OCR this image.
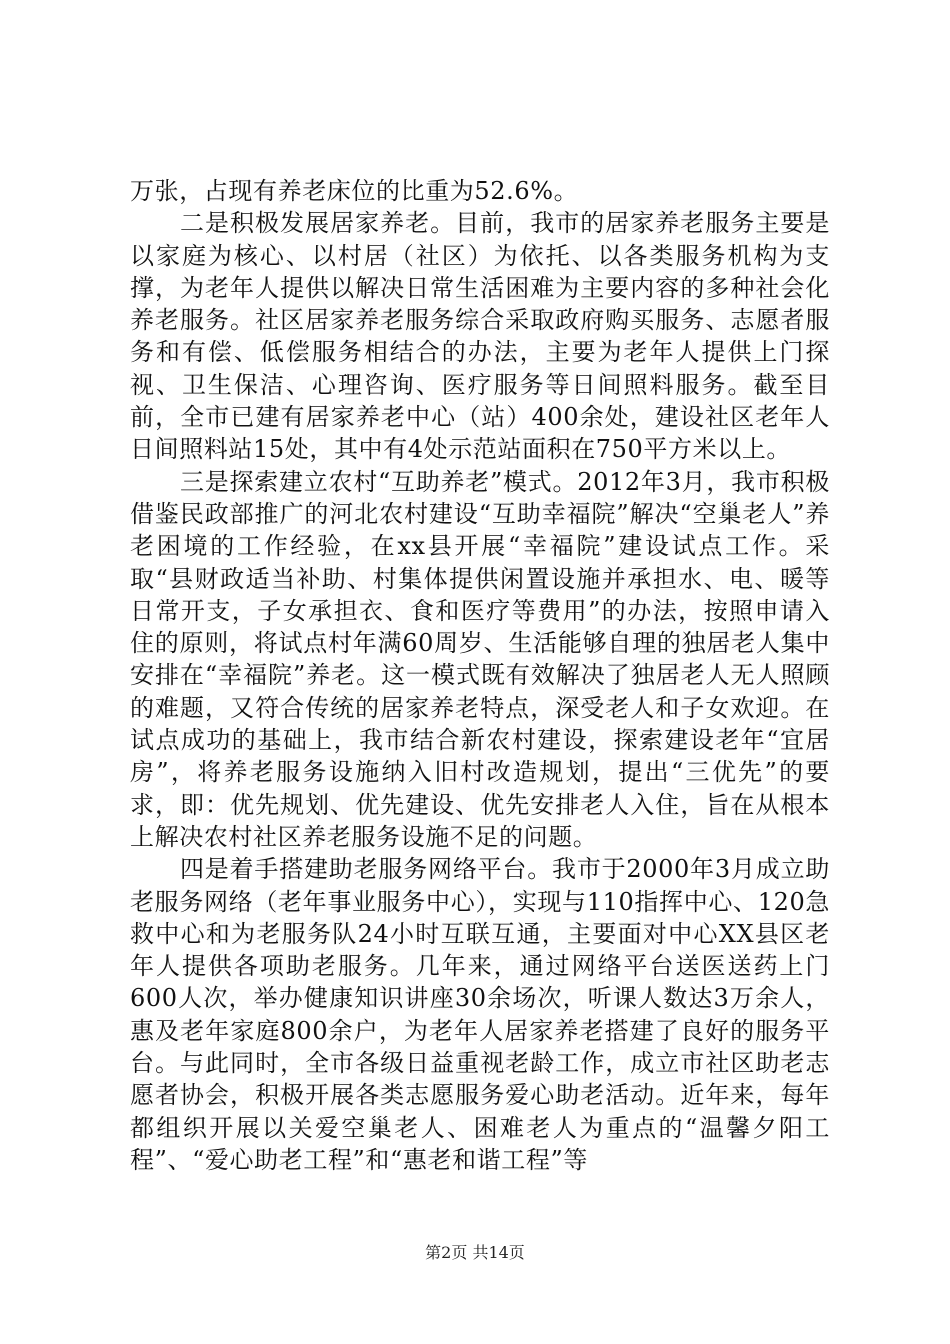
万张，占现有养老床位的比重为52.6%。

二是积极发展居家养老。目前，我市的居家养老服务主要是以家庭为核心、以村居（社区）为依托、以各类服务机构为支撑，为老年人提供以解决日常生活困难为主要内容的多种社会化养老服务。社区居家养老服务综合采取政府购买服务、志愿者服务和有偿、低偿服务相结合的办法，主要为老年人提供上门探视、卫生保洁、心理咨询、医疗服务等日间照料服务。截至目前，全市已建有居家养老中心（站）400余处，建设社区老年人日间照料站15处，其中有4处示范站面积在750平方米以上。

三是探索建立农村“互助养老”模式。2012年3月，我市积极借鉴民政部推广的河北农村建设“互助幸福院”解决“空巢老人”养老困境的工作经验，在xx县开展“幸福院”建设试点工作。采取“县财政适当补助、村集体提供闲置设施并承担水、电、暖等日常开支，子女承担衣、食和医疗等费用”的办法，按照申请入住的原则，将试点村年满60周岁、生活能够自理的独居老人集中安排在“幸福院”养老。这一模式既有效解决了独居老人无人照顾的难题，又符合传统的居家养老特点，深受老人和子女欢迎。在试点成功的基础上，我市结合新农村建设，探索建设老年“宜居房”，将养老服务设施纳入旧村改造规划，提出“三优先”的要求，即：优先规划、优先建设、优先安排老人入住，旨在从根本上解决农村社区养老服务设施不足的问题。

四是着手搭建助老服务网络平台。我市于2000年3月成立助老服务网络（老年事业服务中心），实现与110指挥中心、120急救中心和为老服务队24小时互联互通，主要面对中心XX县区老年人提供各项助老服务。几年来，通过网络平台送医送药上门600人次，举办健康知识讲座30余场次，听课人数达3万余人，惠及老年家庭800余户，为老年人居家养老搭建了良好的服务平台。与此同时，全市各级日益重视老龄工作，成立市社区助老志愿者协会，积极开展各类志愿服务爱心助老活动。近年来，每年都组织开展以关爱空巢老人、困难老人为重点的“温馨夕阳工程”、“爱心助老工程”和“惠老和谐工程”等

第2页 共14页
